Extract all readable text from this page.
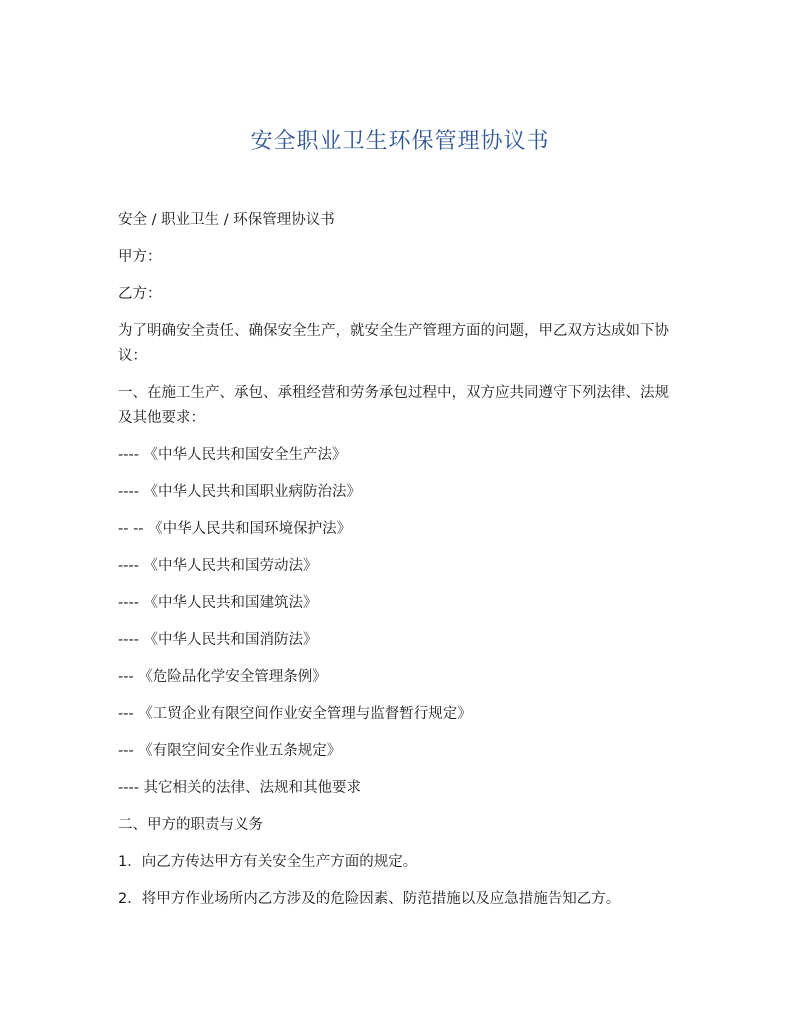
安全职业卫生环保管理协议书

安全 / 职业卫生 / 环保管理协议书

甲方：

乙方：

为了明确安全责任、确保安全生产，就安全生产管理方面的问题，甲乙双方达成如下协议：

一、在施工生产、承包、承租经营和劳务承包过程中，双方应共同遵守下列法律、法规及其他要求：

---- 《中华人民共和国安全生产法》

---- 《中华人民共和国职业病防治法》

-- -- 《中华人民共和国环境保护法》

---- 《中华人民共和国劳动法》

---- 《中华人民共和国建筑法》

---- 《中华人民共和国消防法》

--- 《危险品化学安全管理条例》

--- 《工贸企业有限空间作业安全管理与监督暂行规定》

--- 《有限空间安全作业五条规定》

---- 其它相关的法律、法规和其他要求

二、甲方的职责与义务

1．向乙方传达甲方有关安全生产方面的规定。

2．将甲方作业场所内乙方涉及的危险因素、防范措施以及应急措施告知乙方。
